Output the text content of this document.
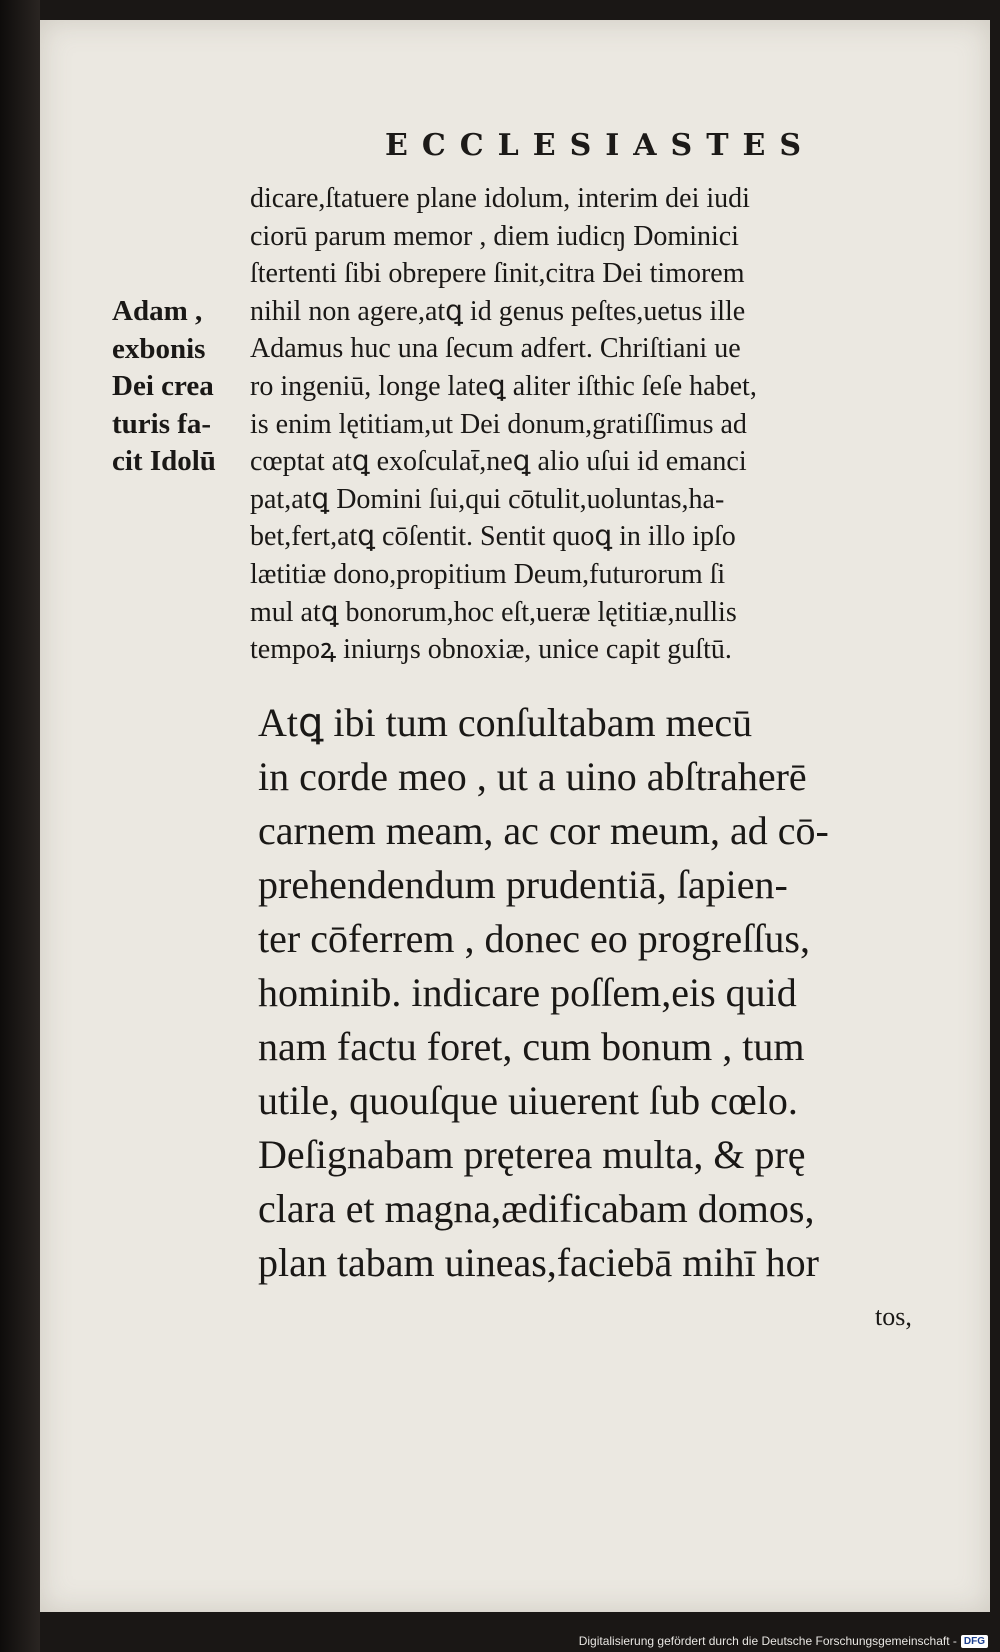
ECCLESIASTES
dicare,ſtatuere plane idolum, interim dei iudi
ciorū parum memor , diem iudicŋ Dominici
ſtertenti ſibi obrepere ſinit,citra Dei timorem
nihil non agere,atꝗ id genus peſtes,uetus ille
Adamus huc una ſecum adfert. Chriſtiani ue
ro ingeniū, longe lateꝗ aliter iſthic ſeſe habet,
is enim lętitiam,ut Dei donum,gratiſſimus ad
cœptat atꝗ exoſculat̄,neꝗ alio uſui id emanci
pat,atꝗ Domini ſui,qui cōtulit,uoluntas,ha-
bet,fert,atꝗ cōſentit. Sentit quoꝗ in illo ipſo
lætitiæ dono,propitium Deum,futurorum ſi
mul atꝗ bonorum,hoc eſt,ueræ lętitiæ,nullis
tempoꝝ iniurŋs obnoxiæ, unice capit guſtū.
Adam ,
exbonis
Dei crea
turis fa-
cit Idolū
Atꝗ ibi tum conſultabam mecū
in corde meo , ut a uino abſtraherē
carnem meam, ac cor meum, ad cō-
prehendendum prudentiā, ſapien-
ter cōferrem , donec eo progreſſus,
hominib. indicare poſſem,eis quid
nam factu foret, cum bonum , tum
utile, quouſque uiuerent ſub cœlo.
Deſignabam pręterea multa, & prę
clara et magna,ædificabam domos,
plan tabam uineas,faciebā mihī hor
tos,
Digitalisierung gefördert durch die Deutsche Forschungsgemeinschaft - DFG
